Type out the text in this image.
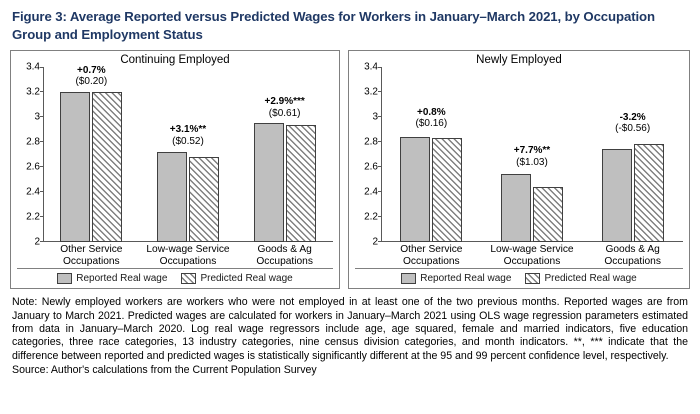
Figure 3: Average Reported versus Predicted Wages for Workers in January–March 2021, by Occupation Group and Employment Status
Continuing Employed
3.4
3.2
3
2.8
2.6
2.4
2.2
2
+0.7%
($0.20)
+3.1%**
($0.52)
+2.9%***
($0.61)
Other Service Occupations
Low-wage Service Occupations
Goods & Ag Occupations
Reported Real wage	Predicted Real wage
Newly Employed
3.4
3.2
3
2.8
2.6
2.4
2.2
2
+0.8%
($0.16)
+7.7%**
($1.03)
-3.2%
(-$0.56)
Other Service Occupations
Low-wage Service Occupations
Goods & Ag Occupations
Reported Real wage	Predicted Real wage
Note: Newly employed workers are workers who were not employed in at least one of the two previous months. Reported wages are from January to March 2021. Predicted wages are calculated for workers in January–March 2021 using OLS wage regression parameters estimated from data in January–March 2020. Log real wage regressors include age, age squared, female and married indicators, five education categories, three race categories, 13 industry categories, nine census division categories, and month indicators. **, *** indicate that the difference between reported and predicted wages is statistically significantly different at the 95 and 99 percent confidence level, respectively.
Source: Author's calculations from the Current Population Survey
